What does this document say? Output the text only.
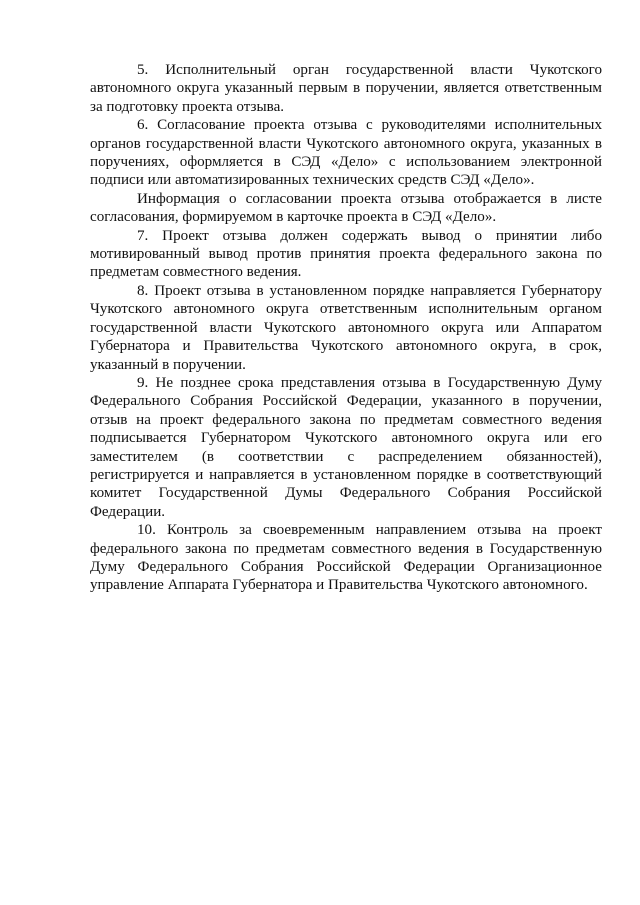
5. Исполнительный орган государственной власти Чукотского автономного округа указанный первым в поручении, является ответственным за подготовку проекта отзыва.

6. Согласование проекта отзыва с руководителями исполнительных органов государственной власти Чукотского автономного округа, указанных в поручениях, оформляется в СЭД «Дело» с использованием электронной подписи или автоматизированных технических средств СЭД «Дело».

Информация о согласовании проекта отзыва отображается в листе согласования, формируемом в карточке проекта в СЭД «Дело».

7. Проект отзыва должен содержать вывод о принятии либо мотивированный вывод против принятия проекта федерального закона по предметам совместного ведения.

8. Проект отзыва в установленном порядке направляется Губернатору Чукотского автономного округа ответственным исполнительным органом государственной власти Чукотского автономного округа или Аппаратом Губернатора и Правительства Чукотского автономного округа, в срок, указанный в поручении.

9. Не позднее срока представления отзыва в Государственную Думу Федерального Собрания Российской Федерации, указанного в поручении, отзыв на проект федерального закона по предметам совместного ведения подписывается Губернатором Чукотского автономного округа или его заместителем (в соответствии с распределением обязанностей), регистрируется и направляется в установленном порядке в соответствующий комитет Государственной Думы Федерального Собрания Российской Федерации.

10. Контроль за своевременным направлением отзыва на проект федерального закона по предметам совместного ведения в Государственную Думу Федерального Собрания Российской Федерации Организационное управление Аппарата Губернатора и Правительства Чукотского автономного.
